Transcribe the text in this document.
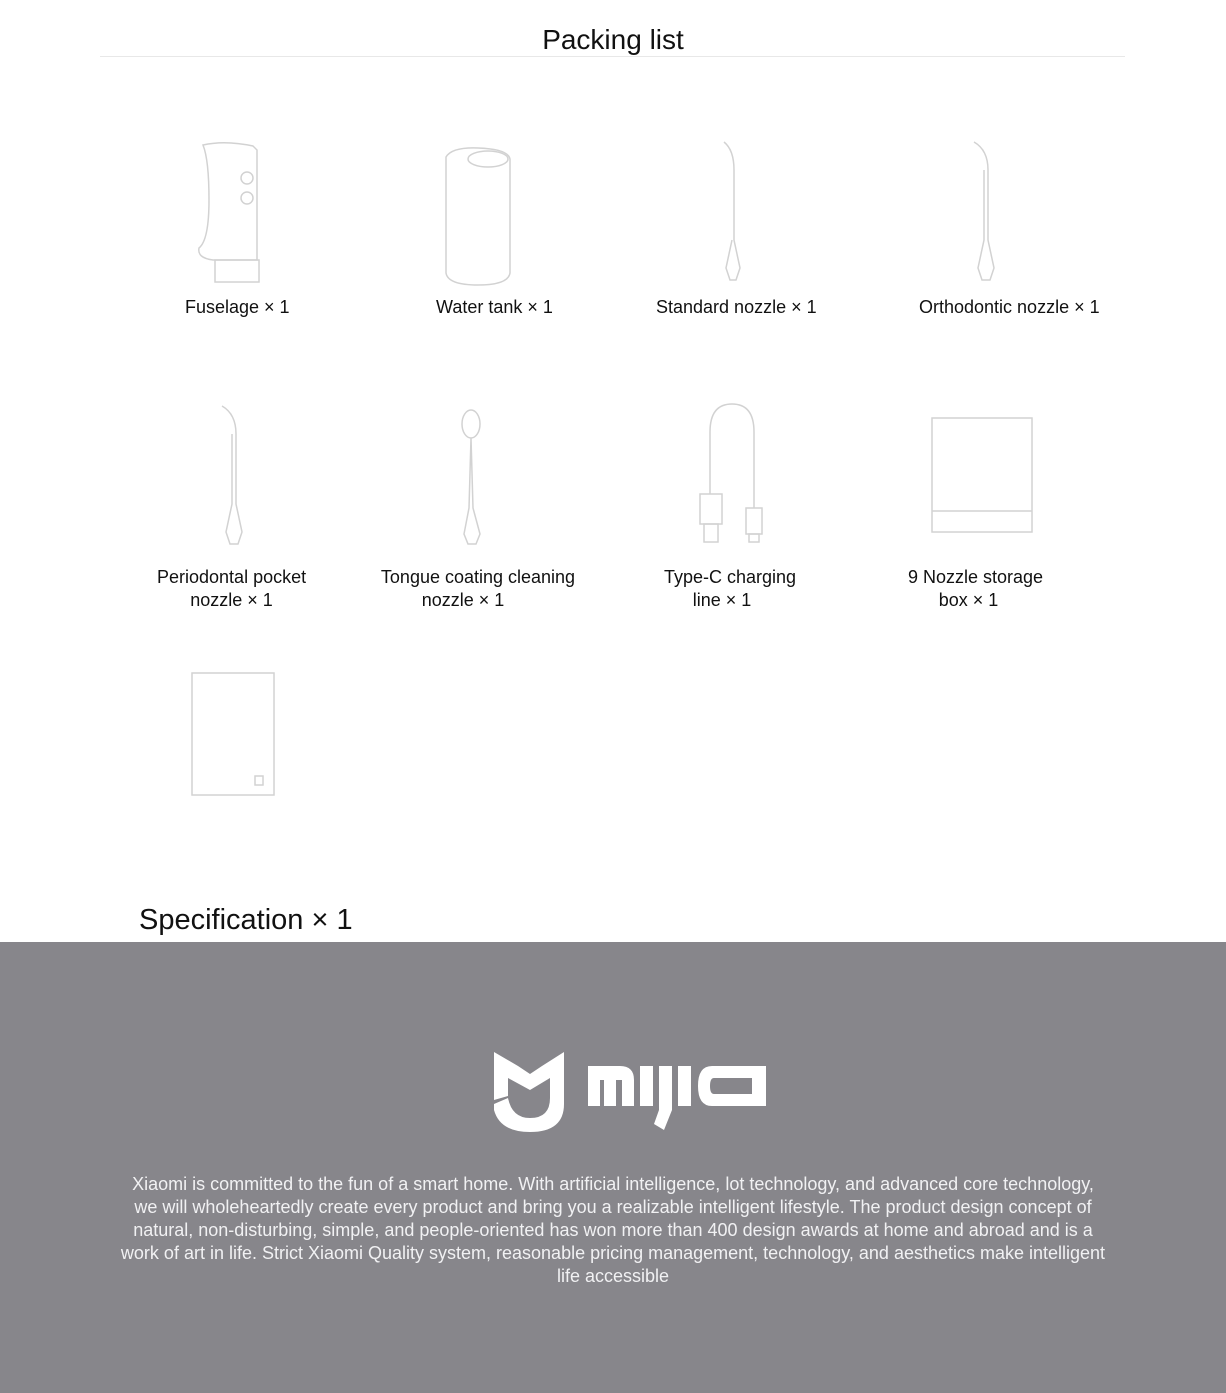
Packing list
Fuselage × 1	Water tank × 1	Standard nozzle × 1	Orthodontic nozzle × 1
Periodontal pocket
nozzle × 1
Tongue coating cleaning
nozzle × 1
Type-C charging
line × 1
9 Nozzle storage
box × 1
Specification × 1
Xiaomi is committed to the fun of a smart home. With artificial intelligence, lot technology, and advanced core technology, we will wholeheartedly create every product and bring you a realizable intelligent lifestyle. The product design concept of natural, non-disturbing, simple, and people-oriented has won more than 400 design awards at home and abroad and is a work of art in life. Strict Xiaomi Quality system, reasonable pricing management, technology, and aesthetics make intelligent life accessible
